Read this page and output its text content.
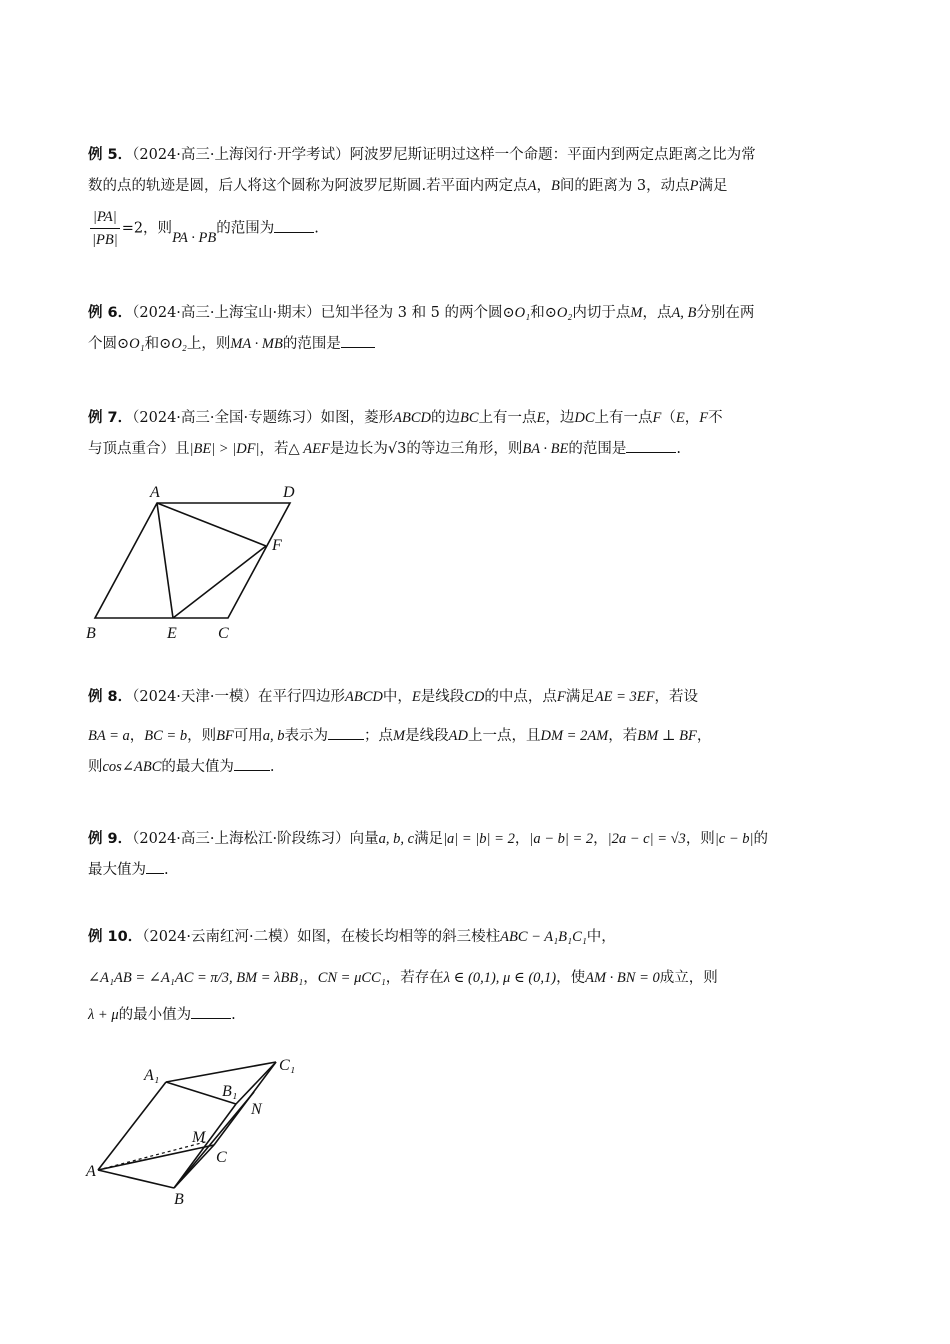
例 5．（2024·高三·上海闵行·开学考试）阿波罗尼斯证明过这样一个命题：平面内到两定点距离之比为常
数的点的轨迹是圆，后人将这个圆称为阿波罗尼斯圆.若平面内两定点A，B间的距离为 3，动点P满足
$\frac{|PA|}{|PB|} =2$，则PA · PB的范围为	.
例 6．（2024·高三·上海宝山·期末）已知半径为 3 和 5 的两个圆⊙O₁和⊙O₂内切于点M，点A, B分别在两
个圆⊙O₁和⊙O₂上，则MA · MB的范围是
例 7．（2024·高三·全国·专题练习）如图，菱形ABCD的边BC上有一点E，边DC上有一点F（E，F不
与顶点重合）且|BE| > |DF|，若△ AEF是边长为√3的等边三角形，则BA · BE的范围是	.
A	D
F
B	E	C
例 8．（2024·天津·一模）在平行四边形ABCD中，E是线段CD的中点，点F满足AE = 3EF，若设
BA = a，BC = b，则BF可用a, b表示为 ；点M是线段AD上一点，且DM = 2AM，若BM ⊥ BF，
则cos∠ABC的最大值为 .
例 9．（2024·高三·上海松江·阶段练习）向量a, b, c满足|a| = |b| = 2，|a − b| = 2，|2a − c| = √3，则|c − b|的
最大值为 .
例 10．（2024·云南红河·二模）如图，在棱长均相等的斜三棱柱ABC − A₁B₁C₁中，
∠A₁AB = ∠A₁AC = π/3, BM = λBB₁，CN = μCC₁，若存在λ ∈ (0,1), μ ∈ (0,1)，使AM · BN = 0成立，则
λ + μ的最小值为	.
A₁
C₁
B₁
N
M
C
A
B
